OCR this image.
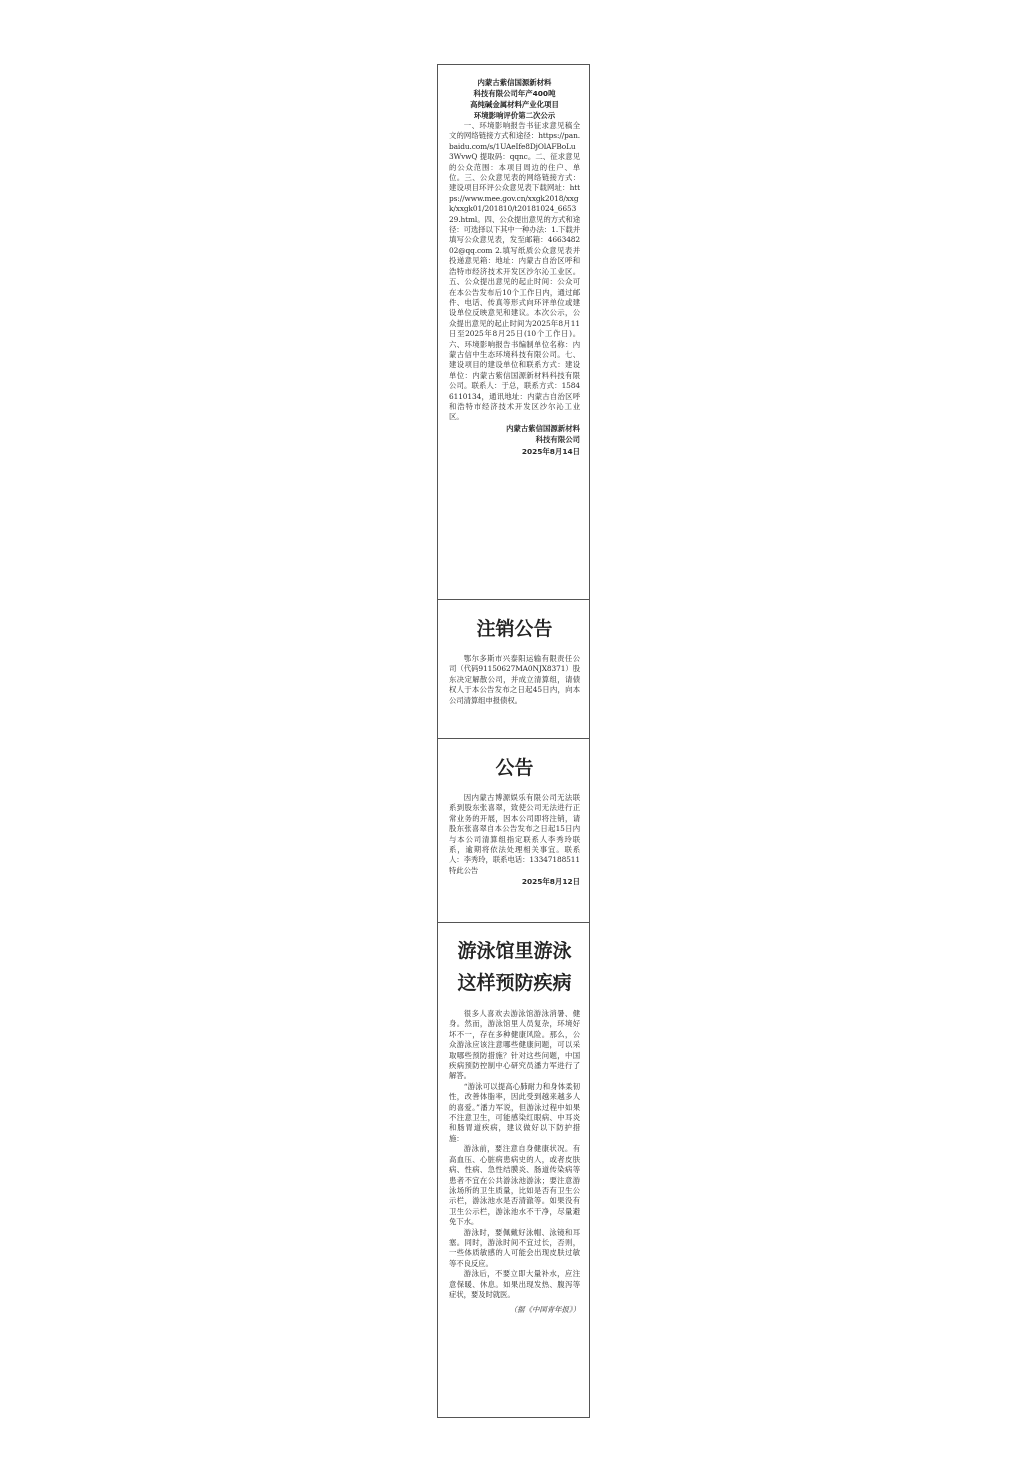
内蒙古紫信国源新材料

科技有限公司年产400吨

高纯碱金属材料产业化项目

环境影响评价第二次公示

一、环境影响报告书征求意见稿全文的网络链接方式和途径：https://pan.baidu.com/s/1UAeIfe8DjOlAFBoLu3WvwQ 提取码：qqnc。二、征求意见的公众范围：本项目周边的住户、单位。三、公众意见表的网络链接方式：建设项目环评公众意见表下载网址：https://www.mee.gov.cn/xxgk2018/xxgk/xxgk01/201810/t20181024_665329.html。四、公众提出意见的方式和途径：可选择以下其中一种办法：1.下载并填写公众意见表，发至邮箱：466348202@qq.com 2.填写纸质公众意见表并投递意见箱：地址：内蒙古自治区呼和浩特市经济技术开发区沙尔沁工业区。五、公众提出意见的起止时间：公众可在本公告发布后10个工作日内，通过邮件、电话、传真等形式向环评单位或建设单位反映意见和建议。本次公示，公众提出意见的起止时间为2025年8月11日至2025年8月25日(10个工作日)。六、环境影响报告书编制单位名称：内蒙古信中生态环境科技有限公司。七、建设项目的建设单位和联系方式：建设单位：内蒙古紫信国源新材料科技有限公司。联系人：于总，联系方式：15846110134，通讯地址：内蒙古自治区呼和浩特市经济技术开发区沙尔沁工业区。

内蒙古紫信国源新材料

科技有限公司

2025年8月14日

注销公告

鄂尔多斯市兴泰阳运输有限责任公司（代码91150627MA0NJX8371）股东决定解散公司，并成立清算组，请债权人于本公告发布之日起45日内，向本公司清算组申报债权。

公告

因内蒙古博源娱乐有限公司无法联系到股东张喜翠，致使公司无法进行正常业务的开展，因本公司即将注销，请股东张喜翠自本公告发布之日起15日内与本公司清算组指定联系人李秀玲联系，逾期将依法处理相关事宜。联系人：李秀玲，联系电话：13347188511 特此公告

2025年8月12日

游泳馆里游泳

这样预防疾病

很多人喜欢去游泳馆游泳消暑、健身。然而，游泳馆里人员复杂，环境好坏不一，存在多种健康风险。那么，公众游泳应该注意哪些健康问题，可以采取哪些预防措施？针对这些问题，中国疾病预防控制中心研究员潘力军进行了解答。

“游泳可以提高心肺耐力和身体柔韧性，改善体脂率，因此受到越来越多人的喜爱。”潘力军说，但游泳过程中如果不注意卫生，可能感染红眼病、中耳炎和肠胃道疾病，建议做好以下防护措施：

游泳前，要注意自身健康状况。有高血压、心脏病患病史的人，或者皮肤病、性病、急性结膜炎、肠道传染病等患者不宜在公共游泳池游泳；要注意游泳场所的卫生质量，比如是否有卫生公示栏，游泳池水是否清澈等。如果没有卫生公示栏，游泳池水不干净，尽量避免下水。

游泳时，要佩戴好泳帽、泳镜和耳塞。同时，游泳时间不宜过长，否则，一些体质敏感的人可能会出现皮肤过敏等不良反应。

游泳后，不要立即大量补水，应注意保暖、休息。如果出现发热、腹泻等症状，要及时就医。

（据《中国青年报》）
